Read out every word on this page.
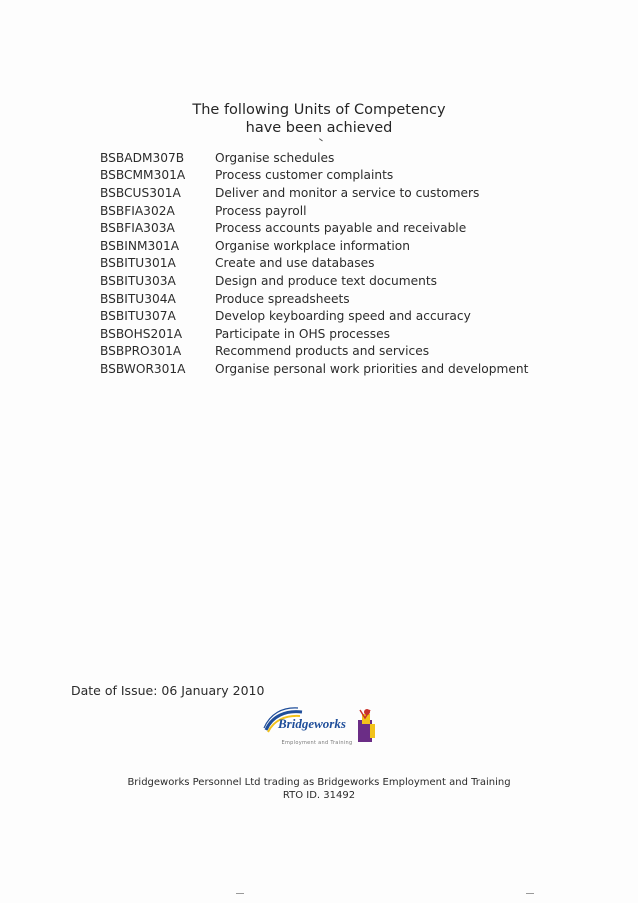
The following Units of Competency
have been achieved
BSBADM307B	Organise schedules
BSBCMM301A	Process customer complaints
BSBCUS301A	Deliver and monitor a service to customers
BSBFIA302A	Process payroll
BSBFIA303A	Process accounts payable and receivable
BSBINM301A	Organise workplace information
BSBITU301A	Create and use databases
BSBITU303A	Design and produce text documents
BSBITU304A	Produce spreadsheets
BSBITU307A	Develop keyboarding speed and accuracy
BSBOHS201A	Participate in OHS processes
BSBPRO301A	Recommend products and services
BSBWOR301A	Organise personal work priorities and development
Date of Issue: 06 January 2010
Bridgeworks
Employment and Training
Bridgeworks Personnel Ltd trading as Bridgeworks Employment and Training
RTO ID. 31492
